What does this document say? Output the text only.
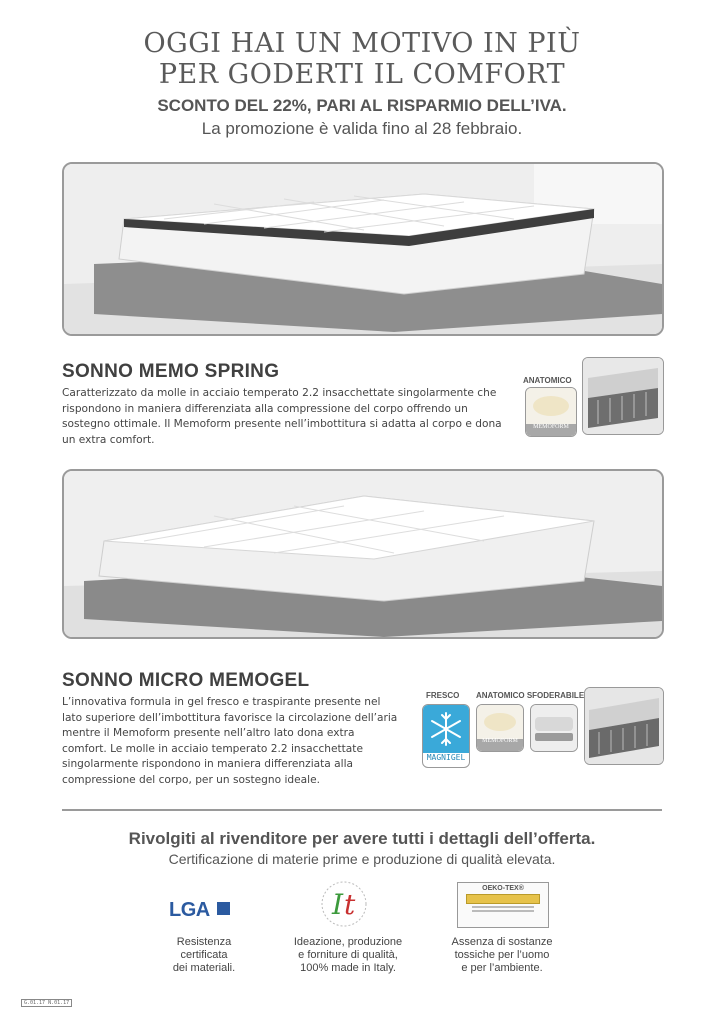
OGGI HAI UN MOTIVO IN PIÙ
PER GODERTI IL COMFORT
SCONTO DEL 22%, PARI AL RISPARMIO DELL’IVA.
La promozione è valida fino al 28 febbraio.
SONNO MEMO SPRING
Caratterizzato da molle in acciaio temperato 2.2 insacchettate singolarmente che rispondono in maniera differenziata alla compressione del corpo offrendo un sostegno ottimale. Il Memoform presente nell’imbottitura si adatta al corpo e dona un extra comfort.
ANATOMICO
MEMOFORM
SONNO MICRO MEMOGEL
L’innovativa formula in gel fresco e traspirante presente nel lato superiore dell’imbottitura favorisce la circolazione dell’aria mentre il Memoform presente nell’altro lato dona extra comfort. Le molle in acciaio temperato 2.2 insacchettate singolarmente rispondono in maniera differenziata alla compressione del corpo, per un sostegno ideale.
FRESCO
MAGNIGEL
ANATOMICO SFODERABILE
MEMOFORM
Rivolgiti al rivenditore per avere tutti i dettagli dell’offerta.
Certificazione di materie prime e produzione di qualità elevata.
LGA
Resistenza
certificata
dei materiali.
I t
Ideazione, produzione
e forniture di qualità,
100% made in Italy.
OEKO-TEX®
Assenza di sostanze
tossiche per l’uomo
e per l’ambiente.
G.01.17 N.01.17
